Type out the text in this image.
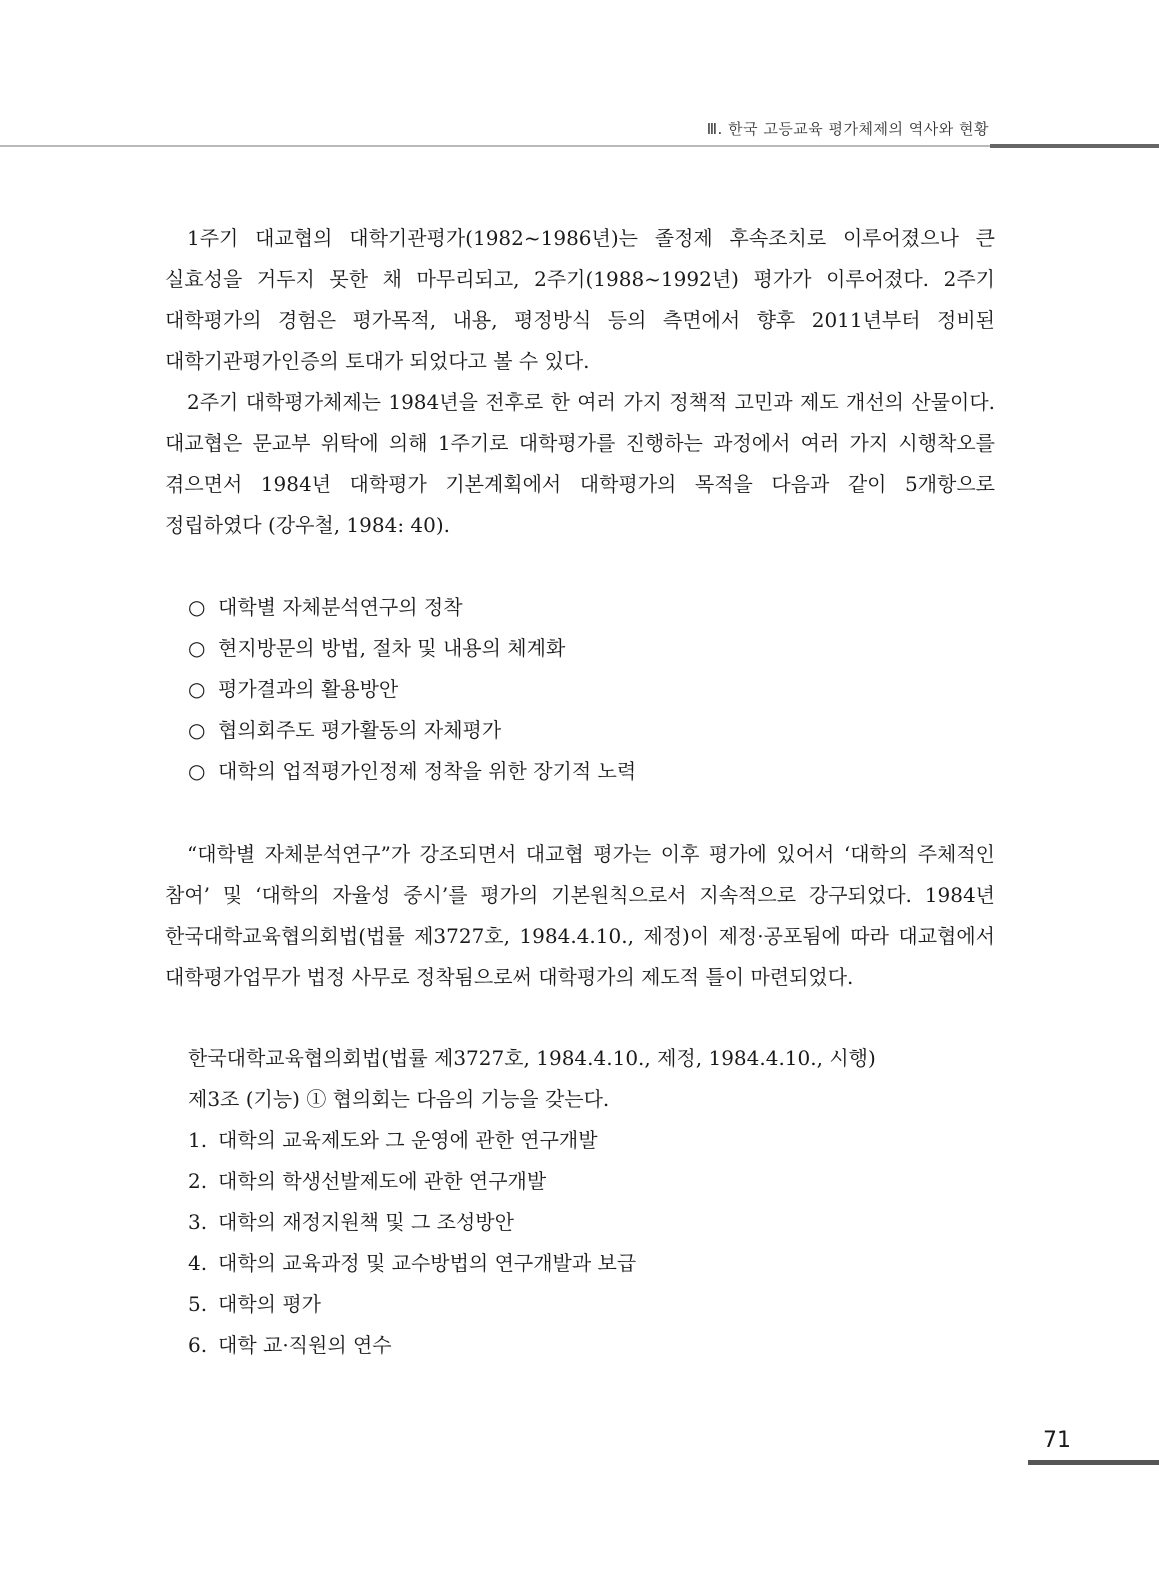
Ⅲ. 한국 고등교육 평가체제의 역사와 현황

1주기 대교협의 대학기관평가(1982~1986년)는 졸정제 후속조치로 이루어졌으나 큰 실효성을 거두지 못한 채 마무리되고, 2주기(1988~1992년) 평가가 이루어졌다. 2주기 대학평가의 경험은 평가목적, 내용, 평정방식 등의 측면에서 향후 2011년부터 정비된 대학기관평가인증의 토대가 되었다고 볼 수 있다.

2주기 대학평가체제는 1984년을 전후로 한 여러 가지 정책적 고민과 제도 개선의 산물이다. 대교협은 문교부 위탁에 의해 1주기로 대학평가를 진행하는 과정에서 여러 가지 시행착오를 겪으면서 1984년 대학평가 기본계획에서 대학평가의 목적을 다음과 같이 5개항으로 정립하였다 (강우철, 1984: 40).

○ 대학별 자체분석연구의 정착
○ 현지방문의 방법, 절차 및 내용의 체계화
○ 평가결과의 활용방안
○ 협의회주도 평가활동의 자체평가
○ 대학의 업적평가인정제 정착을 위한 장기적 노력

“대학별 자체분석연구”가 강조되면서 대교협 평가는 이후 평가에 있어서 ‘대학의 주체적인 참여’ 및 ‘대학의 자율성 중시’를 평가의 기본원칙으로서 지속적으로 강구되었다. 1984년 한국대학교육협의회법(법률 제3727호, 1984.4.10., 제정)이 제정·공포됨에 따라 대교협에서 대학평가업무가 법정 사무로 정착됨으로써 대학평가의 제도적 틀이 마련되었다.

한국대학교육협의회법(법률 제3727호, 1984.4.10., 제정, 1984.4.10., 시행)
제3조 (기능) ① 협의회는 다음의 기능을 갖는다.
1. 대학의 교육제도와 그 운영에 관한 연구개발
2. 대학의 학생선발제도에 관한 연구개발
3. 대학의 재정지원책 및 그 조성방안
4. 대학의 교육과정 및 교수방법의 연구개발과 보급
5. 대학의 평가
6. 대학 교·직원의 연수
71
